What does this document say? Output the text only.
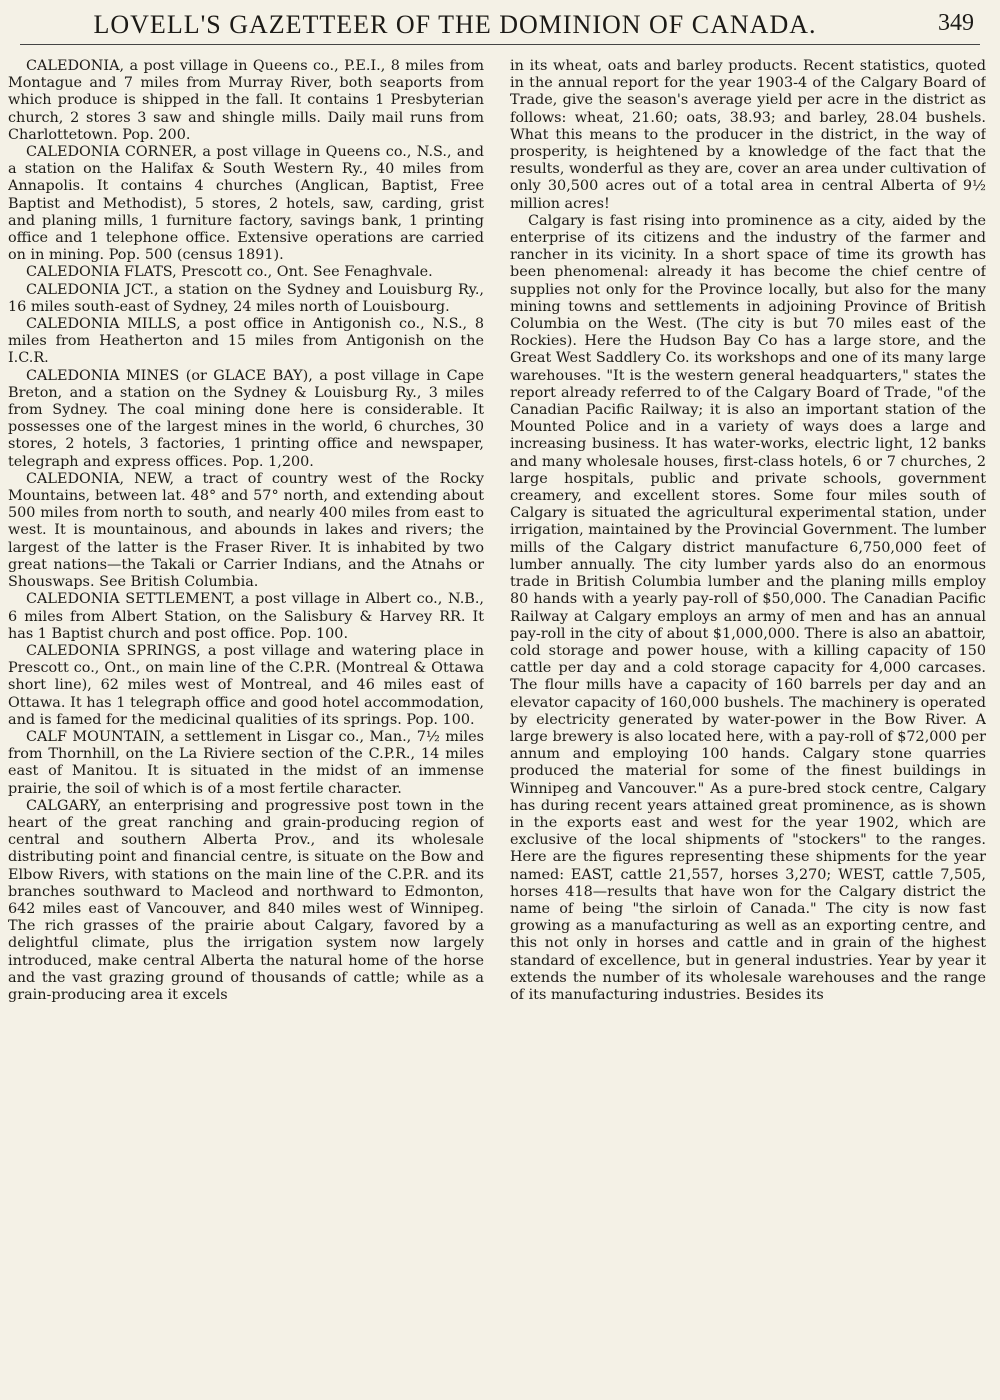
LOVELL'S GAZETTEER OF THE DOMINION OF CANADA.	349

CALEDONIA, a post village in Queens co., P.E.I., 8 miles from Montague and 7 miles from Murray River, both seaports from which produce is shipped in the fall. It contains 1 Presbyterian church, 2 stores 3 saw and shingle mills. Daily mail runs from Charlottetown. Pop. 200.

CALEDONIA CORNER, a post village in Queens co., N.S., and a station on the Halifax & South Western Ry., 40 miles from Annapolis. It contains 4 churches (Anglican, Baptist, Free Baptist and Methodist), 5 stores, 2 hotels, saw, carding, grist and planing mills, 1 furniture factory, savings bank, 1 printing office and 1 telephone office. Extensive operations are carried on in mining. Pop. 500 (census 1891).

CALEDONIA FLATS, Prescott co., Ont. See Fenaghvale.

CALEDONIA JCT., a station on the Sydney and Louisburg Ry., 16 miles south-east of Sydney, 24 miles north of Louisbourg.

CALEDONIA MILLS, a post office in Antigonish co., N.S., 8 miles from Heatherton and 15 miles from Antigonish on the I.C.R.

CALEDONIA MINES (or GLACE BAY), a post village in Cape Breton, and a station on the Sydney & Louisburg Ry., 3 miles from Sydney. The coal mining done here is considerable. It possesses one of the largest mines in the world, 6 churches, 30 stores, 2 hotels, 3 factories, 1 printing office and newspaper, telegraph and express offices. Pop. 1,200.

CALEDONIA, NEW, a tract of country west of the Rocky Mountains, between lat. 48° and 57° north, and extending about 500 miles from north to south, and nearly 400 miles from east to west. It is mountainous, and abounds in lakes and rivers; the largest of the latter is the Fraser River. It is inhabited by two great nations—the Takali or Carrier Indians, and the Atnahs or Shouswaps. See British Columbia.

CALEDONIA SETTLEMENT, a post village in Albert co., N.B., 6 miles from Albert Station, on the Salisbury & Harvey RR. It has 1 Baptist church and post office. Pop. 100.

CALEDONIA SPRINGS, a post village and watering place in Prescott co., Ont., on main line of the C.P.R. (Montreal & Ottawa short line), 62 miles west of Montreal, and 46 miles east of Ottawa. It has 1 telegraph office and good hotel accommodation, and is famed for the medicinal qualities of its springs. Pop. 100.

CALF MOUNTAIN, a settlement in Lisgar co., Man., 7½ miles from Thornhill, on the La Riviere section of the C.P.R., 14 miles east of Manitou. It is situated in the midst of an immense prairie, the soil of which is of a most fertile character.

CALGARY, an enterprising and progressive post town in the heart of the great ranching and grain-producing region of central and southern Alberta Prov., and its wholesale distributing point and financial centre, is situate on the Bow and Elbow Rivers, with stations on the main line of the C.P.R. and its branches southward to Macleod and northward to Edmonton, 642 miles east of Vancouver, and 840 miles west of Winnipeg. The rich grasses of the prairie about Calgary, favored by a delightful climate, plus the irrigation system now largely introduced, make central Alberta the natural home of the horse and the vast grazing ground of thousands of cattle; while as a grain-producing area it excels

in its wheat, oats and barley products. Recent statistics, quoted in the annual report for the year 1903-4 of the Calgary Board of Trade, give the season's average yield per acre in the district as follows: wheat, 21.60; oats, 38.93; and barley, 28.04 bushels. What this means to the producer in the district, in the way of prosperity, is heightened by a knowledge of the fact that the results, wonderful as they are, cover an area under cultivation of only 30,500 acres out of a total area in central Alberta of 9½ million acres!

Calgary is fast rising into prominence as a city, aided by the enterprise of its citizens and the industry of the farmer and rancher in its vicinity. In a short space of time its growth has been phenomenal: already it has become the chief centre of supplies not only for the Province locally, but also for the many mining towns and settlements in adjoining Province of British Columbia on the West. (The city is but 70 miles east of the Rockies). Here the Hudson Bay Co has a large store, and the Great West Saddlery Co. its workshops and one of its many large warehouses. "It is the western general headquarters," states the report already referred to of the Calgary Board of Trade, "of the Canadian Pacific Railway; it is also an important station of the Mounted Police and in a variety of ways does a large and increasing business. It has water-works, electric light, 12 banks and many wholesale houses, first-class hotels, 6 or 7 churches, 2 large hospitals, public and private schools, government creamery, and excellent stores. Some four miles south of Calgary is situated the agricultural experimental station, under irrigation, maintained by the Provincial Government. The lumber mills of the Calgary district manufacture 6,750,000 feet of lumber annually. The city lumber yards also do an enormous trade in British Columbia lumber and the planing mills employ 80 hands with a yearly pay-roll of $50,000. The Canadian Pacific Railway at Calgary employs an army of men and has an annual pay-roll in the city of about $1,000,000. There is also an abattoir, cold storage and power house, with a killing capacity of 150 cattle per day and a cold storage capacity for 4,000 carcases. The flour mills have a capacity of 160 barrels per day and an elevator capacity of 160,000 bushels. The machinery is operated by electricity generated by water-power in the Bow River. A large brewery is also located here, with a pay-roll of $72,000 per annum and employing 100 hands. Calgary stone quarries produced the material for some of the finest buildings in Winnipeg and Vancouver." As a pure-bred stock centre, Calgary has during recent years attained great prominence, as is shown in the exports east and west for the year 1902, which are exclusive of the local shipments of "stockers" to the ranges. Here are the figures representing these shipments for the year named: EAST, cattle 21,557, horses 3,270; WEST, cattle 7,505, horses 418—results that have won for the Calgary district the name of being "the sirloin of Canada." The city is now fast growing as a manufacturing as well as an exporting centre, and this not only in horses and cattle and in grain of the highest standard of excellence, but in general industries. Year by year it extends the number of its wholesale warehouses and the range of its manufacturing industries. Besides its
